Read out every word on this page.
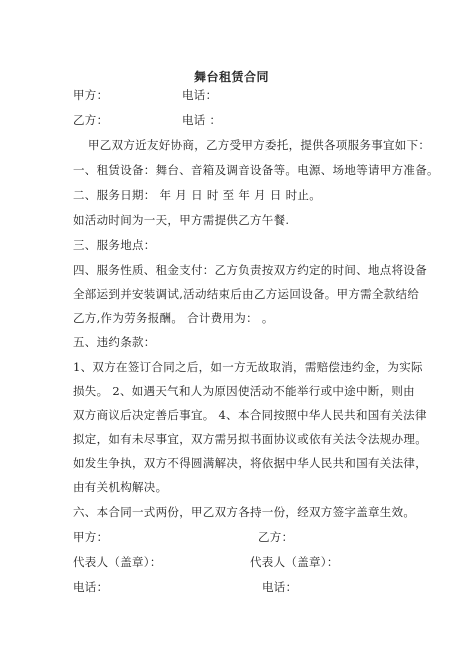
舞台租赁合同
甲方：	电话：
乙方：	电话 ：
甲乙双方近友好协商，乙方受甲方委托，提供各项服务事宜如下：
一、租赁设备：舞台、音箱及调音设备等。电源、场地等请甲方准备。
二、服务日期： 年 月 日 时 至 年 月 日 时止。
如活动时间为一天，甲方需提供乙方午餐.
三、服务地点：
四、服务性质、租金支付：乙方负责按双方约定的时间、地点将设备
全部运到并安装调试,活动结束后由乙方运回设备。甲方需全款结给
乙方,作为劳务报酬。 合计费用为： 。
五、违约条款：
1、双方在签订合同之后，如一方无故取消，需赔偿违约金，为实际
损失。 2、如遇天气和人为原因使活动不能举行或中途中断，则由
双方商议后决定善后事宜。 4、本合同按照中华人民共和国有关法律
拟定，如有未尽事宜，双方需另拟书面协议或依有关法令法规办理。
如发生争执，双方不得圆满解决，将依据中华人民共和国有关法律，
由有关机构解决。
六、本合同一式两份，甲乙双方各持一份，经双方签字盖章生效。
甲方：	乙方：
代表人（盖章）：	代表人（盖章）：
电话：	电话：
